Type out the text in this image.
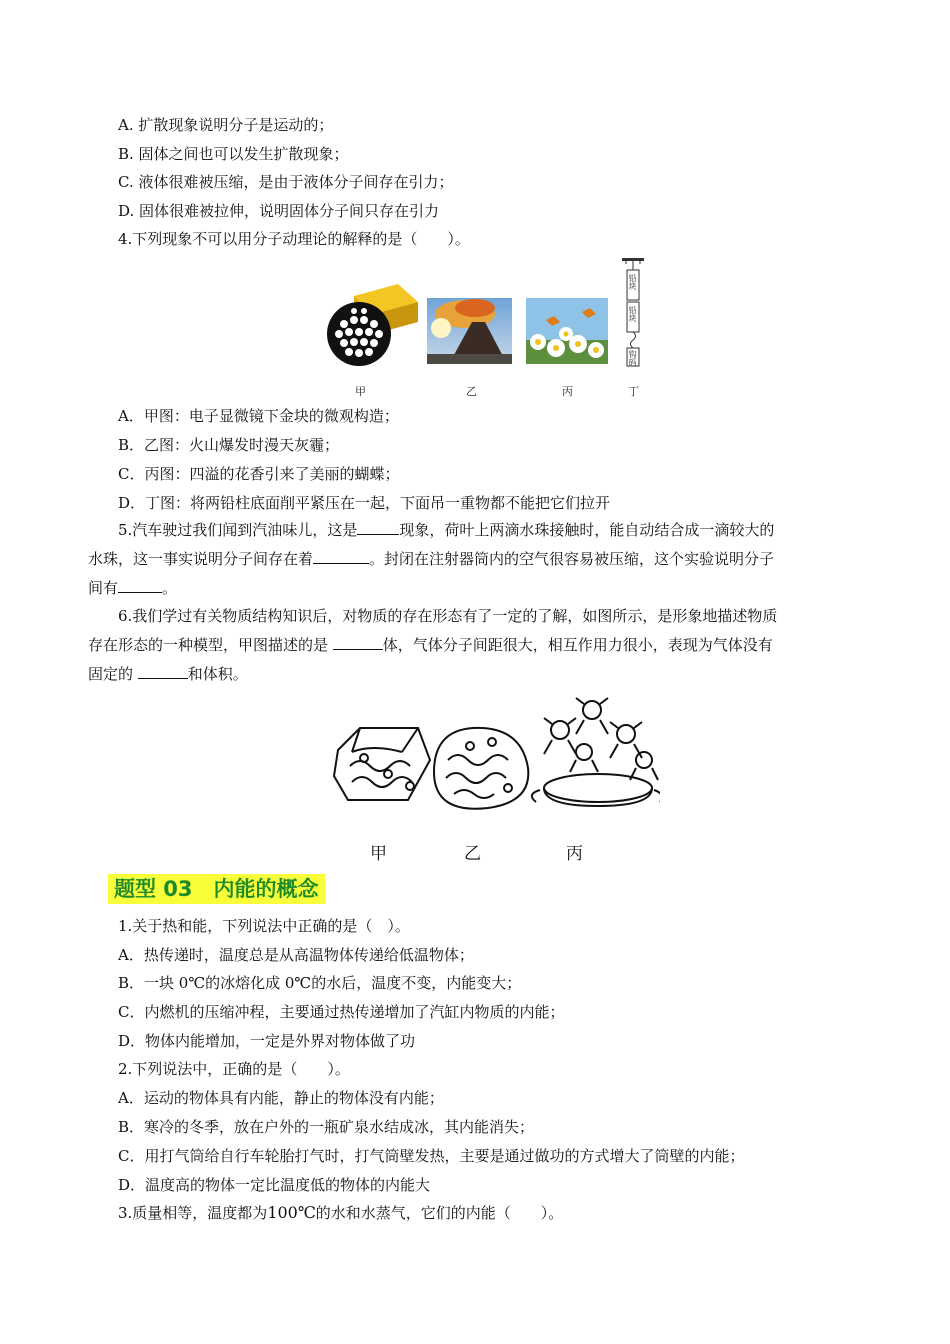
A. 扩散现象说明分子是运动的；
B. 固体之间也可以发生扩散现象；
C. 液体很难被压缩，是由于液体分子间存在引力；
D. 固体很难被拉伸，说明固体分子间只存在引力
4.下列现象不可以用分子动理论的解释的是（　　）。
铅块
铅块
钩码
甲	乙	丙	丁
A．甲图：电子显微镜下金块的微观构造；
B．乙图：火山爆发时漫天灰霾；
C．丙图：四溢的花香引来了美丽的蝴蝶；
D．丁图：将两铅柱底面削平紧压在一起，下面吊一重物都不能把它们拉开
5.汽车驶过我们闻到汽油味儿，这是	现象，荷叶上两滴水珠接触时，能自动结合成一滴较大的
水珠，这一事实说明分子间存在着	。封闭在注射器筒内的空气很容易被压缩，这个实验说明分子
间有	。
6.我们学过有关物质结构知识后，对物质的存在形态有了一定的了解，如图所示，是形象地描述物质
存在形态的一种模型，甲图描述的是	体，气体分子间距很大，相互作用力很小，表现为气体没有
固定的	和体积。
甲	乙	丙
题型 03　内能的概念
1.关于热和能，下列说法中正确的是（　）。
A．热传递时，温度总是从高温物体传递给低温物体；
B．一块 0℃的冰熔化成 0℃的水后，温度不变，内能变大；
C．内燃机的压缩冲程，主要通过热传递增加了汽缸内物质的内能；
D．物体内能增加，一定是外界对物体做了功
2.下列说法中，正确的是（　　）。
A．运动的物体具有内能，静止的物体没有内能；
B．寒冷的冬季，放在户外的一瓶矿泉水结成冰，其内能消失；
C．用打气筒给自行车轮胎打气时，打气筒壁发热，主要是通过做功的方式增大了筒壁的内能；
D．温度高的物体一定比温度低的物体的内能大
3.质量相等，温度都为100℃的水和水蒸气，它们的内能（　　）。
